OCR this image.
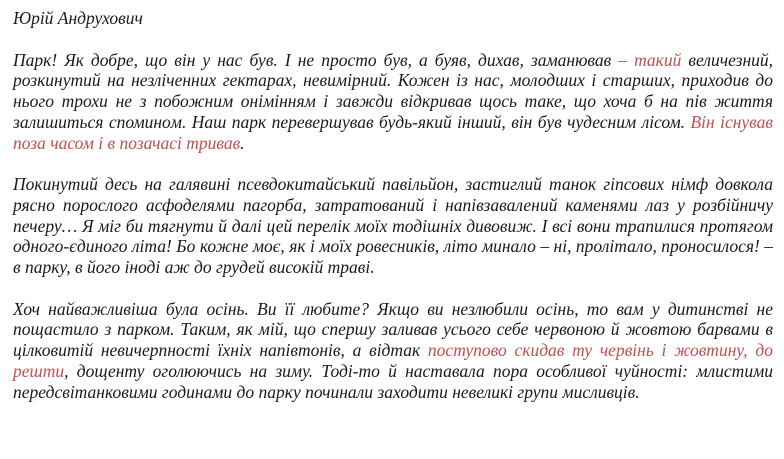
Юрій Андрухович

Парк! Як добре, що він у нас був. І не просто був, а буяв, дихав, заманював – такий величезний, розкинутий на незліченних гектарах, невимірний. Кожен із нас, молодших і старших, приходив до нього трохи не з побожним онімінням і завжди відкривав щось таке, що хоча б на пів життя залишиться споминoм. Наш парк перевершував будь-який інший, він був чудесним лісом. Він існував поза часом і в позачасі тривав.

Покинутий десь на галявині псевдокитайський павільйон, застиглий танок гіпсових німф довкола рясно порослого асфоделями пагорба, затратований і напівзавалений каменями лаз у розбійничу печеру… Я міг би тягнути й далі цей перелік моїх тодішніх дивовиж. І всі вони трапилися протягом одного-єдиного літа! Бо кожне моє, як і моїх ровесників, літо минало – ні, пролітало, проносилося! – в парку, в його іноді аж до грудей високій траві.

Хоч найважливіша була осінь. Ви її любите? Якщо ви незлюбили осінь, то вам у дитинстві не пощастило з парком. Таким, як мій, що спершу заливав усього себе червоною й жовтою барвами в цілковитій невичерпності їхніх напівтонів, а відтак поступово скидав ту червінь і жовтину, до решти, дощенту оголюючись на зиму. Тоді-то й наставала пора особливої чуйності: млистими передсвітанковими годинами до парку починали заходити невеликі групи мисливців.
